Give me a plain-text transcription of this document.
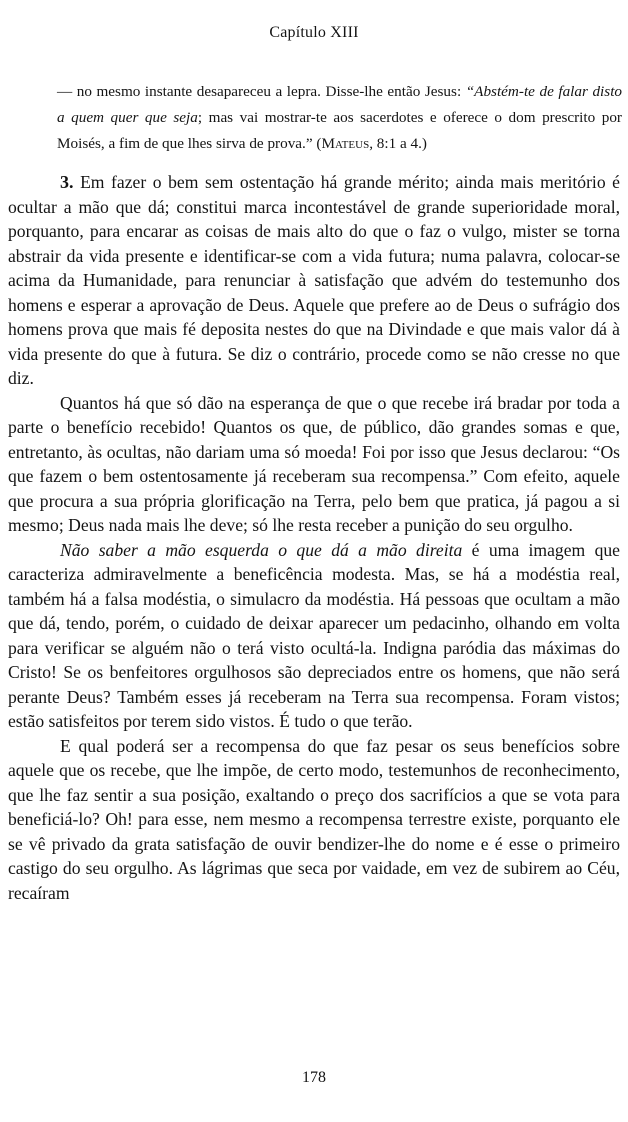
Capítulo XIII
— no mesmo instante desapareceu a lepra. Disse-lhe então Jesus: “Abstém-te de falar disto a quem quer que seja; mas vai mostrar-te aos sacerdotes e oferece o dom prescrito por Moisés, a fim de que lhes sirva de prova.” (Mateus, 8:1 a 4.)

3. Em fazer o bem sem ostentação há grande mérito; ainda mais meritório é ocultar a mão que dá; constitui marca incontestável de grande superioridade moral, porquanto, para encarar as coisas de mais alto do que o faz o vulgo, mister se torna abstrair da vida presente e identificar-se com a vida futura; numa palavra, colocar-se acima da Humanidade, para renunciar à satisfação que advém do testemunho dos homens e esperar a aprovação de Deus. Aquele que prefere ao de Deus o sufrágio dos homens prova que mais fé deposita nestes do que na Divindade e que mais valor dá à vida presente do que à futura. Se diz o contrário, procede como se não cresse no que diz.

Quantos há que só dão na esperança de que o que recebe irá bradar por toda a parte o benefício recebido! Quantos os que, de público, dão grandes somas e que, entretanto, às ocultas, não dariam uma só moeda! Foi por isso que Jesus declarou: “Os que fazem o bem ostentosamente já receberam sua recompensa.” Com efeito, aquele que procura a sua própria glorificação na Terra, pelo bem que pratica, já pagou a si mesmo; Deus nada mais lhe deve; só lhe resta receber a punição do seu orgulho.

Não saber a mão esquerda o que dá a mão direita é uma imagem que caracteriza admiravelmente a beneficência modesta. Mas, se há a modéstia real, também há a falsa modéstia, o simulacro da modéstia. Há pessoas que ocultam a mão que dá, tendo, porém, o cuidado de deixar aparecer um pedacinho, olhando em volta para verificar se alguém não o terá visto ocultá-la. Indigna paródia das máximas do Cristo! Se os benfeitores orgulhosos são depreciados entre os homens, que não será perante Deus? Também esses já receberam na Terra sua recompensa. Foram vistos; estão satisfeitos por terem sido vistos. É tudo o que terão.

E qual poderá ser a recompensa do que faz pesar os seus benefícios sobre aquele que os recebe, que lhe impõe, de certo modo, testemunhos de reconhecimento, que lhe faz sentir a sua posição, exaltando o preço dos sacrifícios a que se vota para beneficiá-lo? Oh! para esse, nem mesmo a recompensa terrestre existe, porquanto ele se vê privado da grata satisfação de ouvir bendizer-lhe do nome e é esse o primeiro castigo do seu orgulho. As lágrimas que seca por vaidade, em vez de subirem ao Céu, recaíram

178
